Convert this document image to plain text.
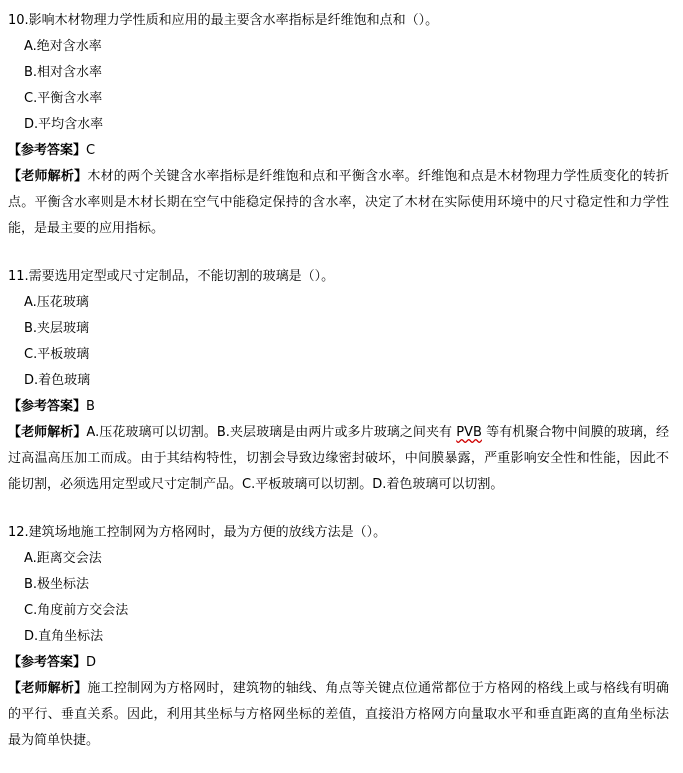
10.影响木材物理力学性质和应用的最主要含水率指标是纤维饱和点和（）。
A.绝对含水率
B.相对含水率
C.平衡含水率
D.平均含水率
【参考答案】C
【老师解析】木材的两个关键含水率指标是纤维饱和点和平衡含水率。纤维饱和点是木材物理力学性质变化的转折点。平衡含水率则是木材长期在空气中能稳定保持的含水率，决定了木材在实际使用环境中的尺寸稳定性和力学性能，是最主要的应用指标。
11.需要选用定型或尺寸定制品，不能切割的玻璃是（）。
A.压花玻璃
B.夹层玻璃
C.平板玻璃
D.着色玻璃
【参考答案】B
【老师解析】A.压花玻璃可以切割。B.夹层玻璃是由两片或多片玻璃之间夹有 PVB 等有机聚合物中间膜的玻璃，经过高温高压加工而成。由于其结构特性，切割会导致边缘密封破坏，中间膜暴露，严重影响安全性和性能，因此不能切割，必须选用定型或尺寸定制产品。C.平板玻璃可以切割。D.着色玻璃可以切割。
12.建筑场地施工控制网为方格网时，最为方便的放线方法是（）。
A.距离交会法
B.极坐标法
C.角度前方交会法
D.直角坐标法
【参考答案】D
【老师解析】施工控制网为方格网时，建筑物的轴线、角点等关键点位通常都位于方格网的格线上或与格线有明确的平行、垂直关系。因此，利用其坐标与方格网坐标的差值，直接沿方格网方向量取水平和垂直距离的直角坐标法最为简单快捷。
